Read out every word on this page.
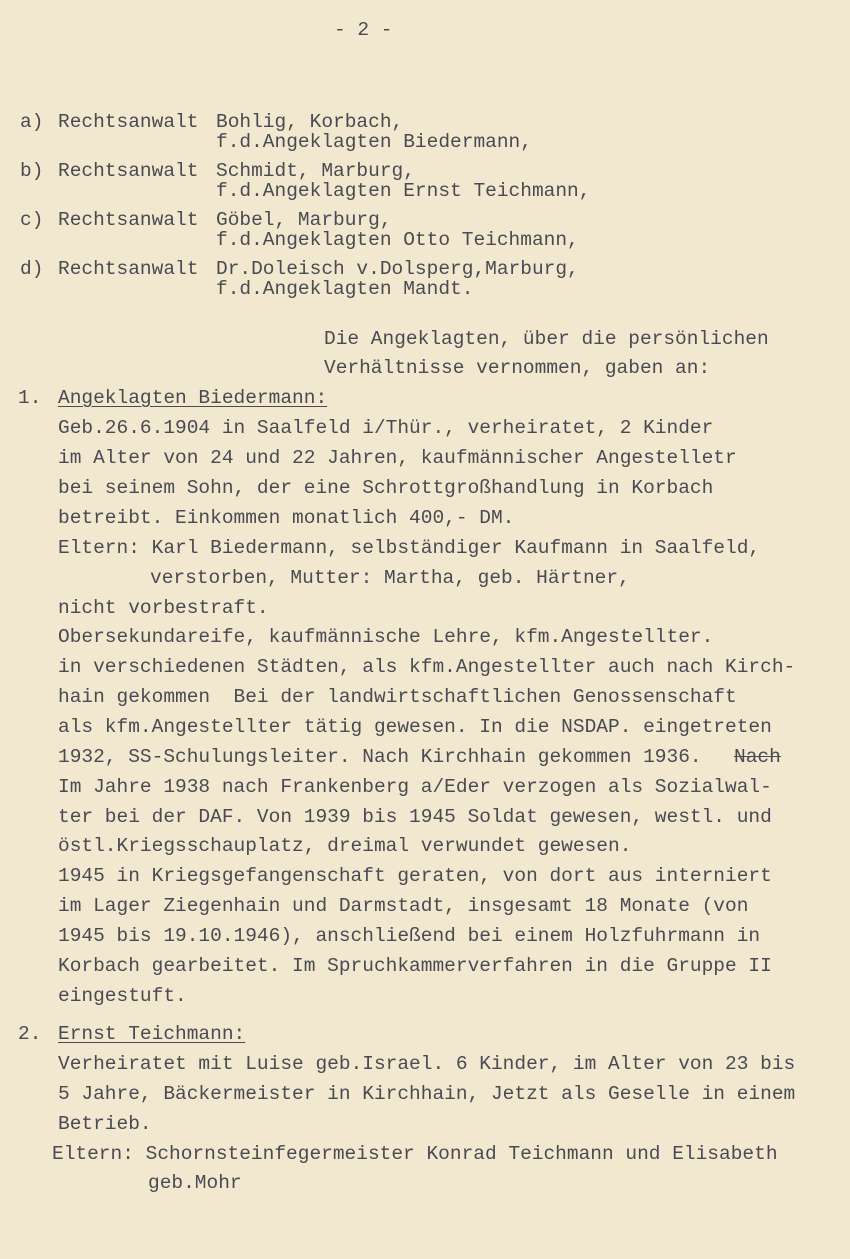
- 2 -
a) Rechtsanwalt Bohlig, Korbach,
f.d.Angeklagten Biedermann,
b) Rechtsanwalt Schmidt, Marburg,
f.d.Angeklagten Ernst Teichmann,
c) Rechtsanwalt Göbel, Marburg,
f.d.Angeklagten Otto Teichmann,
d) Rechtsanwalt Dr.Doleisch v.Dolsperg,Marburg,
f.d.Angeklagten Mandt.
Die Angeklagten, über die persönlichen
Verhältnisse vernommen, gaben an:
1. Angeklagten Biedermann:
Geb.26.6.1904 in Saalfeld i/Thür., verheiratet, 2 Kinder
im Alter von 24 und 22 Jahren, kaufmännischer Angestelletr
bei seinem Sohn, der eine Schrottgroßhandlung in Korbach
betreibt. Einkommen monatlich 400,- DM.
Eltern: Karl Biedermann, selbständiger Kaufmann in Saalfeld,
verstorben, Mutter: Martha, geb. Härtner,
nicht vorbestraft.
Obersekundareife, kaufmännische Lehre, kfm.Angestellter.
in verschiedenen Städten, als kfm.Angestellter auch nach Kirch-
hain gekommen  Bei der landwirtschaftlichen Genossenschaft
als kfm.Angestellter tätig gewesen. In die NSDAP. eingetreten
1932, SS-Schulungsleiter. Nach Kirchhain gekommen 1936. Nach
Im Jahre 1938 nach Frankenberg a/Eder verzogen als Sozialwal-
ter bei der DAF. Von 1939 bis 1945 Soldat gewesen, westl. und
östl.Kriegsschauplatz, dreimal verwundet gewesen.
1945 in Kriegsgefangenschaft geraten, von dort aus interniert
im Lager Ziegenhain und Darmstadt, insgesamt 18 Monate (von
1945 bis 19.10.1946), anschließend bei einem Holzfuhrmann in
Korbach gearbeitet. Im Spruchkammerverfahren in die Gruppe II
eingestuft.
2. Ernst Teichmann:
Verheiratet mit Luise geb.Israel. 6 Kinder, im Alter von 23 bis
5 Jahre, Bäckermeister in Kirchhain, Jetzt als Geselle in einem
Betrieb.
Eltern: Schornsteinfegermeister Konrad Teichmann und Elisabeth
geb.Mohr
